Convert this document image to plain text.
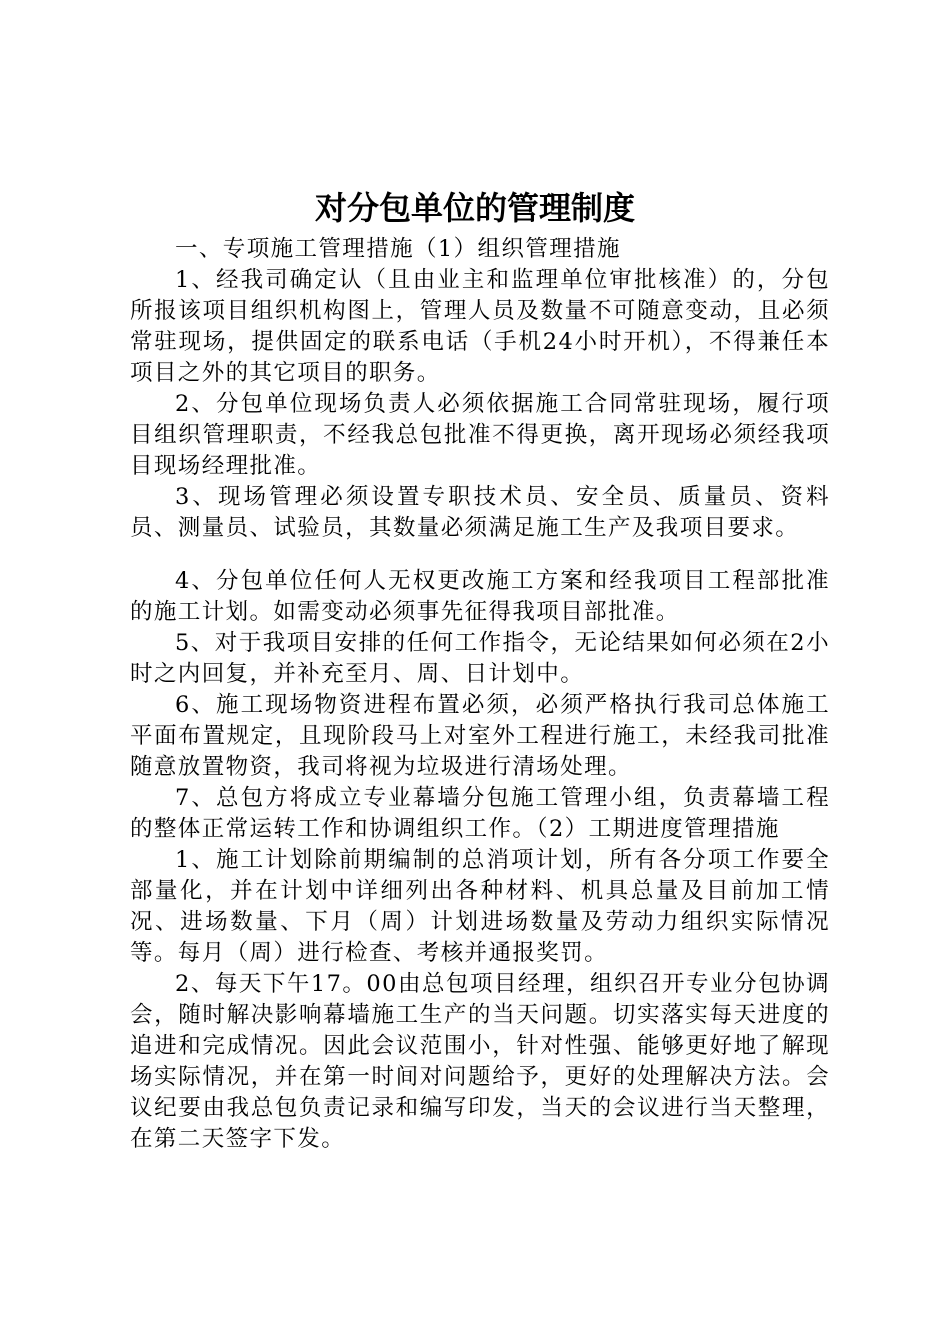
对分包单位的管理制度

一、专项施工管理措施（1）组织管理措施

1、经我司确定认（且由业主和监理单位审批核准）的，分包所报该项目组织机构图上，管理人员及数量不可随意变动，且必须常驻现场，提供固定的联系电话（手机24小时开机），不得兼任本项目之外的其它项目的职务。

2、分包单位现场负责人必须依据施工合同常驻现场，履行项目组织管理职责，不经我总包批准不得更换，离开现场必须经我项目现场经理批准。

3、现场管理必须设置专职技术员、安全员、质量员、资料员、测量员、试验员，其数量必须满足施工生产及我项目要求。

4、分包单位任何人无权更改施工方案和经我项目工程部批准的施工计划。如需变动必须事先征得我项目部批准。

5、对于我项目安排的任何工作指令，无论结果如何必须在2小时之内回复，并补充至月、周、日计划中。

6、施工现场物资进程布置必须，必须严格执行我司总体施工平面布置规定，且现阶段马上对室外工程进行施工，未经我司批准随意放置物资，我司将视为垃圾进行清场处理。

7、总包方将成立专业幕墙分包施工管理小组，负责幕墙工程的整体正常运转工作和协调组织工作。（2）工期进度管理措施

1、施工计划除前期编制的总消项计划，所有各分项工作要全部量化，并在计划中详细列出各种材料、机具总量及目前加工情况、进场数量、下月（周）计划进场数量及劳动力组织实际情况等。每月（周）进行检查、考核并通报奖罚。

2、每天下午17。00由总包项目经理，组织召开专业分包协调会，随时解决影响幕墙施工生产的当天问题。切实落实每天进度的追进和完成情况。因此会议范围小，针对性强、能够更好地了解现场实际情况，并在第一时间对问题给予，更好的处理解决方法。会议纪要由我总包负责记录和编写印发，当天的会议进行当天整理，在第二天签字下发。
